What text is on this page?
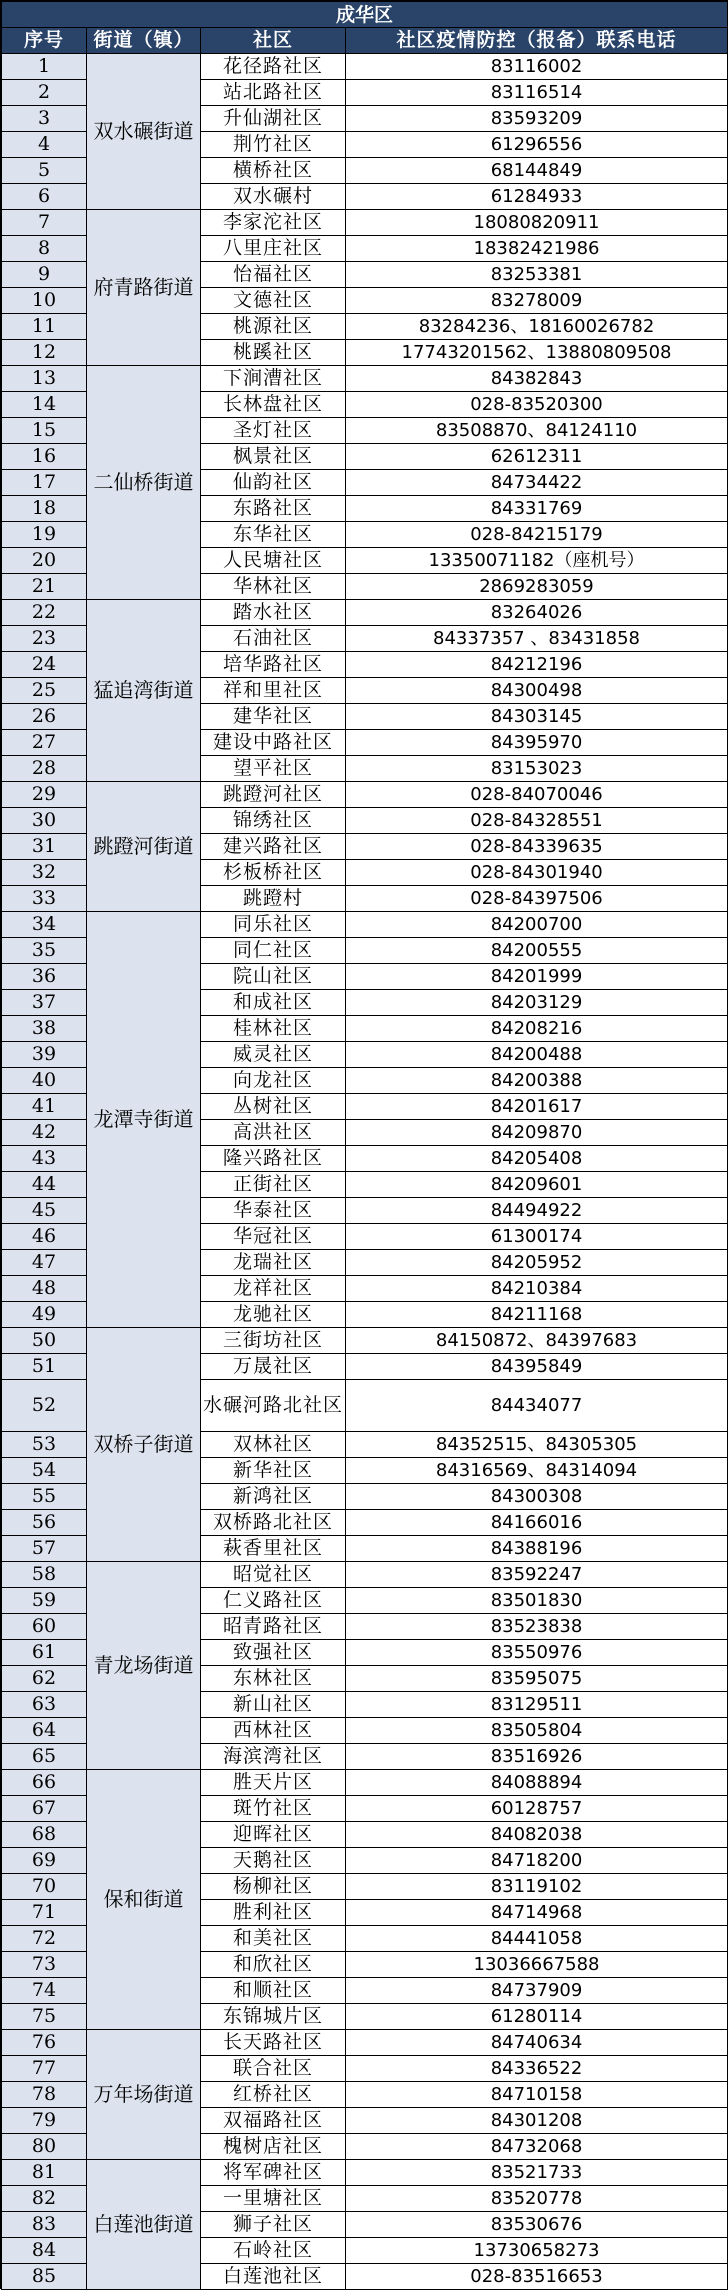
成华区			
序号	街道（镇）	社区	社区疫情防控（报备）联系电话
1	双水碾街道	花径路社区	83116002
2		站北路社区	83116514
3		升仙湖社区	83593209
4		荆竹社区	61296556
5		横桥社区	68144849
6		双水碾村	61284933
7	府青路街道	李家沱社区	18080820911
8		八里庄社区	18382421986
9		怡福社区	83253381
10		文德社区	83278009
11		桃源社区	83284236、18160026782
12		桃蹊社区	17743201562、13880809508
13	二仙桥街道	下涧漕社区	84382843
14		长林盘社区	028-83520300
15		圣灯社区	83508870、84124110
16		枫景社区	62612311
17		仙韵社区	84734422
18		东路社区	84331769
19		东华社区	028-84215179
20		人民塘社区	13350071182（座机号）
21		华林社区	2869283059
22	猛追湾街道	踏水社区	83264026
23		石油社区	84337357 、83431858
24		培华路社区	84212196
25		祥和里社区	84300498
26		建华社区	84303145
27		建设中路社区	84395970
28		望平社区	83153023
29	跳蹬河街道	跳蹬河社区	028-84070046
30		锦绣社区	028-84328551
31		建兴路社区	028-84339635
32		杉板桥社区	028-84301940
33		跳蹬村	028-84397506
34	龙潭寺街道	同乐社区	84200700
35		同仁社区	84200555
36		院山社区	84201999
37		和成社区	84203129
38		桂林社区	84208216
39		威灵社区	84200488
40		向龙社区	84200388
41		丛树社区	84201617
42		高洪社区	84209870
43		隆兴路社区	84205408
44		正街社区	84209601
45		华泰社区	84494922
46		华冠社区	61300174
47		龙瑞社区	84205952
48		龙祥社区	84210384
49		龙驰社区	84211168
50	双桥子街道	三街坊社区	84150872、84397683
51		万晟社区	84395849
52		水碾河路北社区	84434077
53		双林社区	84352515、84305305
54		新华社区	84316569、84314094
55		新鸿社区	84300308
56		双桥路北社区	84166016
57		萩香里社区	84388196
58	青龙场街道	昭觉社区	83592247
59		仁义路社区	83501830
60		昭青路社区	83523838
61		致强社区	83550976
62		东林社区	83595075
63		新山社区	83129511
64		西林社区	83505804
65		海滨湾社区	83516926
66	保和街道	胜天片区	84088894
67		斑竹社区	60128757
68		迎晖社区	84082038
69		天鹅社区	84718200
70		杨柳社区	83119102
71		胜利社区	84714968
72		和美社区	84441058
73		和欣社区	13036667588
74		和顺社区	84737909
75		东锦城片区	61280114
76	万年场街道	长天路社区	84740634
77		联合社区	84336522
78		红桥社区	84710158
79		双福路社区	84301208
80		槐树店社区	84732068
81	白莲池街道	将军碑社区	83521733
82		一里塘社区	83520778
83		狮子社区	83530676
84		石岭社区	13730658273
85		白莲池社区	028-83516653
